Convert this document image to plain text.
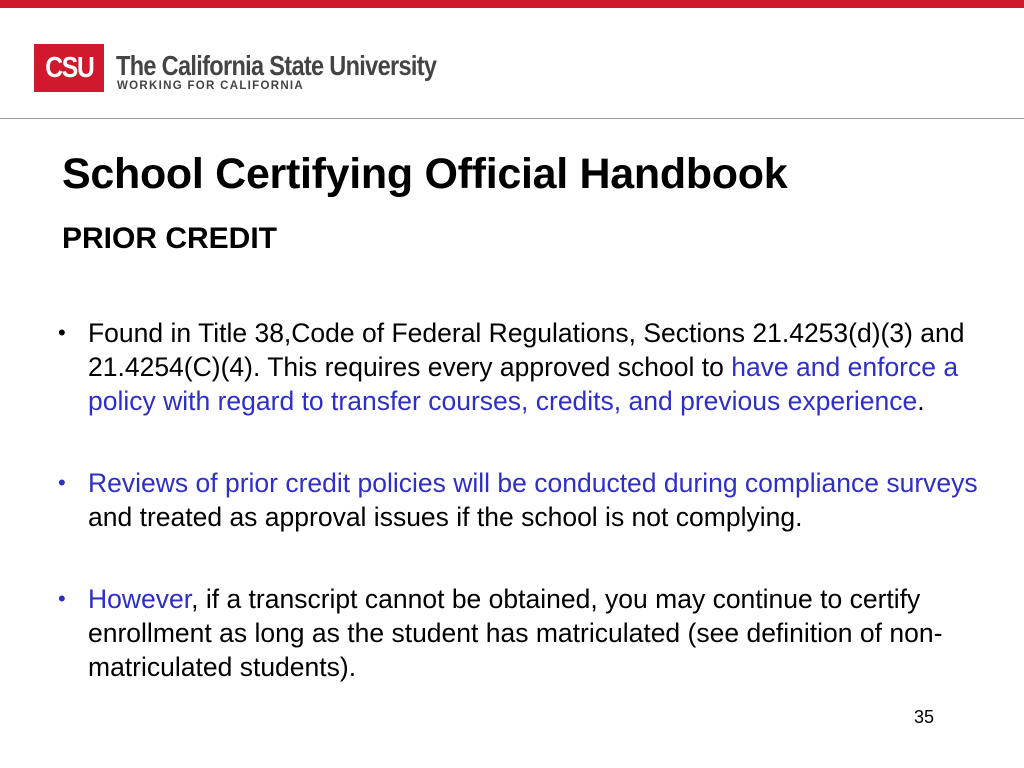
CSU The California State University
WORKING FOR CALIFORNIA
School Certifying Official Handbook
PRIOR CREDIT
• Found in Title 38,Code of Federal Regulations, Sections 21.4253(d)(3) and 21.4254(C)(4). This requires every approved school to have and enforce a policy with regard to transfer courses, credits, and previous experience.
• Reviews of prior credit policies will be conducted during compliance surveys and treated as approval issues if the school is not complying.
• However, if a transcript cannot be obtained, you may continue to certify enrollment as long as the student has matriculated (see definition of non- matriculated students).
35
